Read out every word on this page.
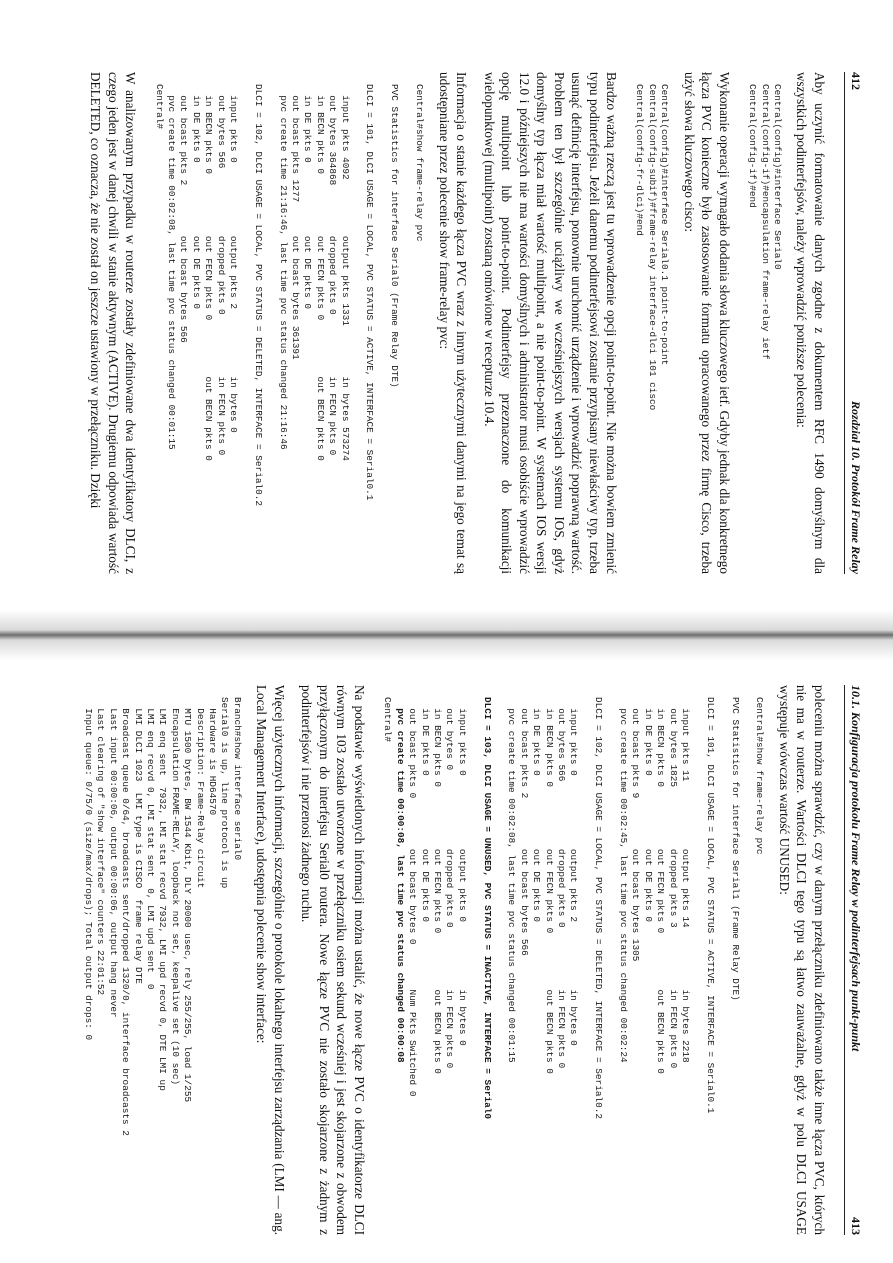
412
Rozdział 10. Protokół Frame Relay

Aby uczynić formatowanie danych zgodne z dokumentem RFC 1490 domyślnym dla wszystkich podinterfejsów, należy wprowadzić poniższe polecenia:

Central(config)#interface Serial0
Central(config-if)#encapsulation frame-relay ietf
Central(config-if)#end

Wykonanie operacji wymagało dodania słowa kluczowego ietf. Gdyby jednak dla konkretnego łącza PVC konieczne było zastosowanie formatu opracowanego przez firmę Cisco, trzeba użyć słowa kluczowego cisco:

Central(config)#interface Serial0.1 point-to-point
Central(config-subif)#frame-relay interface-dlci 101 cisco
Central(config-fr-dlci)#end

Bardzo ważną rzeczą jest tu wprowadzenie opcji point-to-point. Nie można bowiem zmienić typu podinterfejsu. Jeżeli danemu podinterfejsowi zostanie przypisany niewłaściwy typ, trzeba usunąć definicję interfejsu, ponownie uruchomić urządzenie i wprowadzić poprawną wartość. Problem ten był szczególnie uciążliwy we wcześniejszych wersjach systemu IOS, gdyż domyślny typ łącza miał wartość multipoint, a nie point-to-point. W systemach IOS wersji 12.0 i późniejszych nie ma wartości domyślnych i administrator musi osobiście wprowadzić opcję multipoint lub point-to-point. Podinterfejsy przeznaczone do komunikacji wielopunktowej (multipoint) zostaną omówione w recepturze 10.4.

Informacja o stanie każdego łącza PVC wraz z innym użytecznymi danymi na jego temat są udostępniane przez polecenie show frame-relay pvc:

Central#show frame-relay pvc

PVC Statistics for interface Serial0 (Frame Relay DTE)

DLCI = 101, DLCI USAGE = LOCAL, PVC STATUS = ACTIVE, INTERFACE = Serial0.1

input pkts 4092          output pkts 1331         in bytes 573274
out bytes 364868         dropped pkts 0           in FECN pkts 0
in BECN pkts 0           out FECN pkts 0          out BECN pkts 0
in DE pkts 0             out DE pkts 0
out bcast pkts 1277      out bcast bytes 361391
pvc create time 21:16:46, last time pvc status changed 21:16:46

DLCI = 102, DLCI USAGE = LOCAL, PVC STATUS = DELETED, INTERFACE = Serial0.2

input pkts 0             output pkts 2            in bytes 0
out bytes 566            dropped pkts 0           in FECN pkts 0
in BECN pkts 0           out FECN pkts 0          out BECN pkts 0
in DE pkts 0             out DE pkts 0
out bcast pkts 2         out bcast bytes 566
pvc create time 00:02:08, last time pvc status changed 00:01:15
Central#

W analizowanym przypadku w routerze zostały zdefiniowane dwa identyfikatory DLCI, z czego jeden jest w danej chwili w stanie aktywnym (ACTIVE). Drugiemu odpowiada wartość DELETED, co oznacza, że nie został on jeszcze ustawiony w przełączniku. Dzięki

10.1. Konfiguracja protokołu Frame Relay w podinterfejsach punkt-punkt
413

poleceniu można sprawdzić, czy w danym przełączniku zdefiniowano także inne łącza PVC, których nie ma w routerze. Wartości DLCI tego typu są łatwo zauważalne, gdyż w polu DLCI USAGE występuje wówczas wartość UNUSED:

Central#show frame-relay pvc

PVC Statistics for interface Serial1 (Frame Relay DTE)

DLCI = 101, DLCI USAGE = LOCAL, PVC STATUS = ACTIVE, INTERFACE = Serial0.1

input pkts 11            output pkts 14           in bytes 2218
out bytes 1825           dropped pkts 3           in FECN pkts 0
in BECN pkts 0           out FECN pkts 0          out BECN pkts 0
in DE pkts 0             out DE pkts 0
out bcast pkts 9         out bcast bytes 1305
pvc create time 00:02:45, last time pvc status changed 00:02:24

DLCI = 102, DLCI USAGE = LOCAL, PVC STATUS = DELETED, INTERFACE = Serial0.2

input pkts 0             output pkts 2            in bytes 0
out bytes 566            dropped pkts 0           in FECN pkts 0
in BECN pkts 0           out FECN pkts 0          out BECN pkts 0
in DE pkts 0             out DE pkts 0
out bcast pkts 2         out bcast bytes 566
pvc create time 00:02:08, last time pvc status changed 00:01:15

DLCI = 103, DLCI USAGE = UNUSED, PVC STATUS = INACTIVE, INTERFACE = Serial0

input pkts 0             output pkts 0            in bytes 0
out bytes 0              dropped pkts 0           in FECN pkts 0
in BECN pkts 0           out FECN pkts 0          out BECN pkts 0
in DE pkts 0             out DE pkts 0
out bcast pkts 0         out bcast bytes 0        Num Pkts Switched 0
pvc create time 00:00:08, last time pvc status changed 00:00:08
Central#

Na podstawie wyświetlonych informacji można ustalić, że nowe łącze PVC o identyfikatorze DLCI równym 103 zostało utworzone w przełączniku osiem sekund wcześniej i jest skojarzone z obwodem przyłączonym do interfejsu Serial0 routera. Nowe łącze PVC nie zostało skojarzone z żadnym z podinterfejsów i nie przenosi żadnego ruchu.

Więcej użytecznych informacji, szczególnie o protokole lokalnego interfejsu zarządzania (LMI — ang. Local Management Interface), udostępnia polecenie show interface:

Branch#show interface serial0
Serial0 is up, line protocol is up
Hardware is HD64570
Description: Frame-Relay circuit
MTU 1500 bytes, BW 1544 Kbit, DLY 20000 usec, rely 255/255, load 1/255
Encapsulation FRAME-RELAY, loopback not set, keepalive set (10 sec)
LMI enq sent  7932, LMI stat recvd 7932, LMI upd recvd 0, DTE LMI up
LMI enq recvd 0, LMI stat sent  0, LMI upd sent  0
LMI DLCI 1023  LMI type is CISCO  frame relay DTE
Broadcast queue 0/64, broadcasts sent/dropped 1320/0, interface broadcasts 2
Last input 00:00:06, output 00:00:06, output hang never
Last clearing of "show interface" counters 22:01:52
Input queue: 0/75/0 (size/max/drops); Total output drops: 0
